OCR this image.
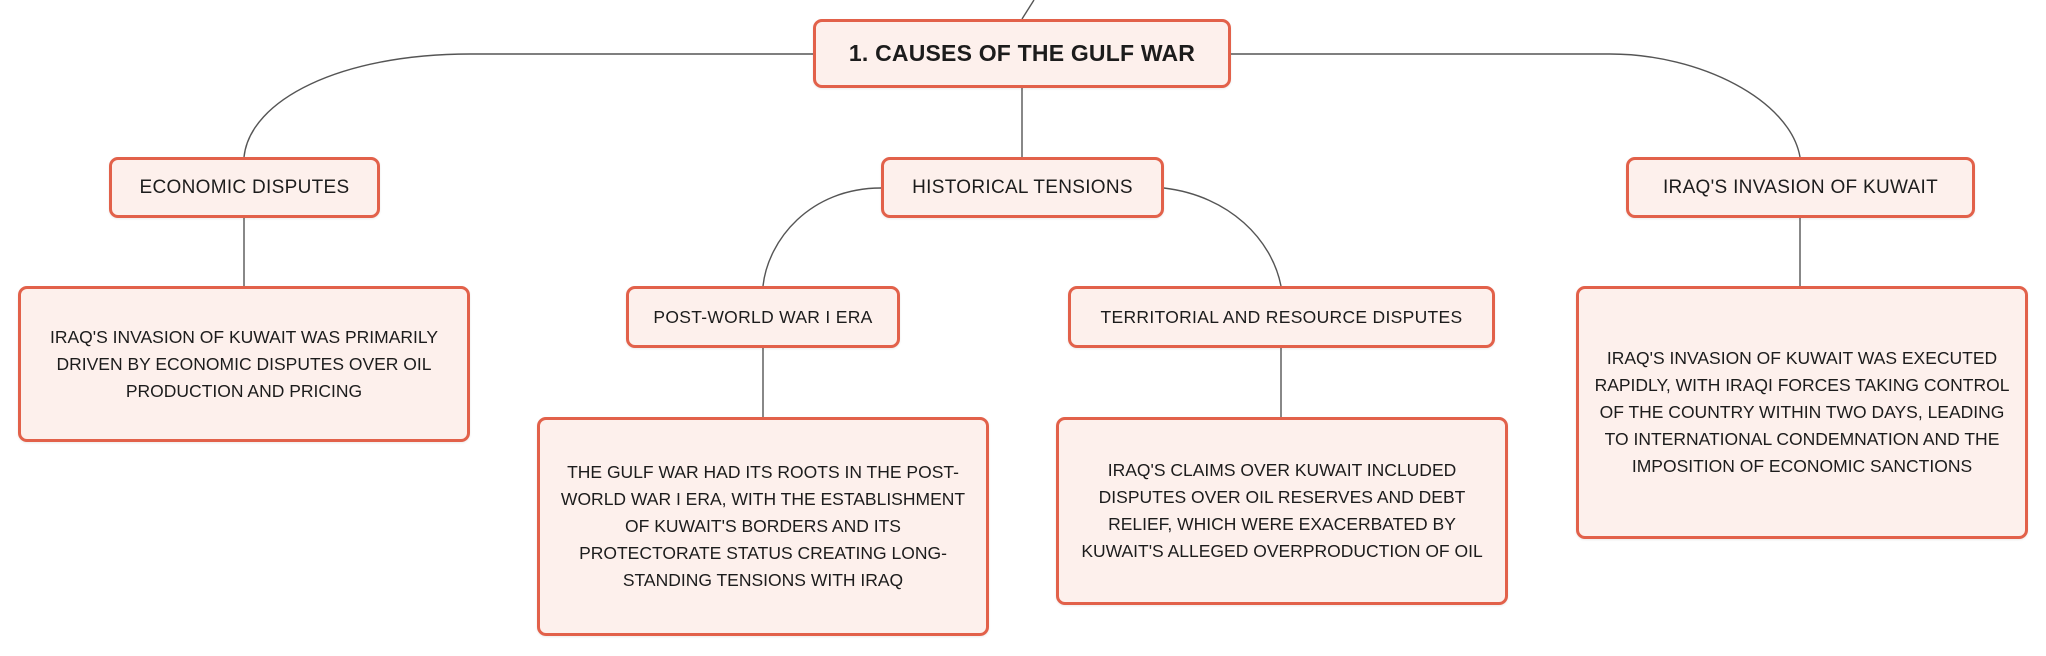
1. CAUSES OF THE GULF WAR
ECONOMIC DISPUTES	HISTORICAL TENSIONS	IRAQ'S INVASION OF KUWAIT
POST-WORLD WAR I ERA	TERRITORIAL AND RESOURCE DISPUTES
IRAQ'S INVASION OF KUWAIT WAS PRIMARILY DRIVEN BY ECONOMIC DISPUTES OVER OIL PRODUCTION AND PRICING
THE GULF WAR HAD ITS ROOTS IN THE POST-WORLD WAR I ERA, WITH THE ESTABLISHMENT OF KUWAIT'S BORDERS AND ITS PROTECTORATE STATUS CREATING LONG-STANDING TENSIONS WITH IRAQ
IRAQ'S CLAIMS OVER KUWAIT INCLUDED DISPUTES OVER OIL RESERVES AND DEBT RELIEF, WHICH WERE EXACERBATED BY KUWAIT'S ALLEGED OVERPRODUCTION OF OIL
IRAQ'S INVASION OF KUWAIT WAS EXECUTED RAPIDLY, WITH IRAQI FORCES TAKING CONTROL OF THE COUNTRY WITHIN TWO DAYS, LEADING TO INTERNATIONAL CONDEMNATION AND THE IMPOSITION OF ECONOMIC SANCTIONS
